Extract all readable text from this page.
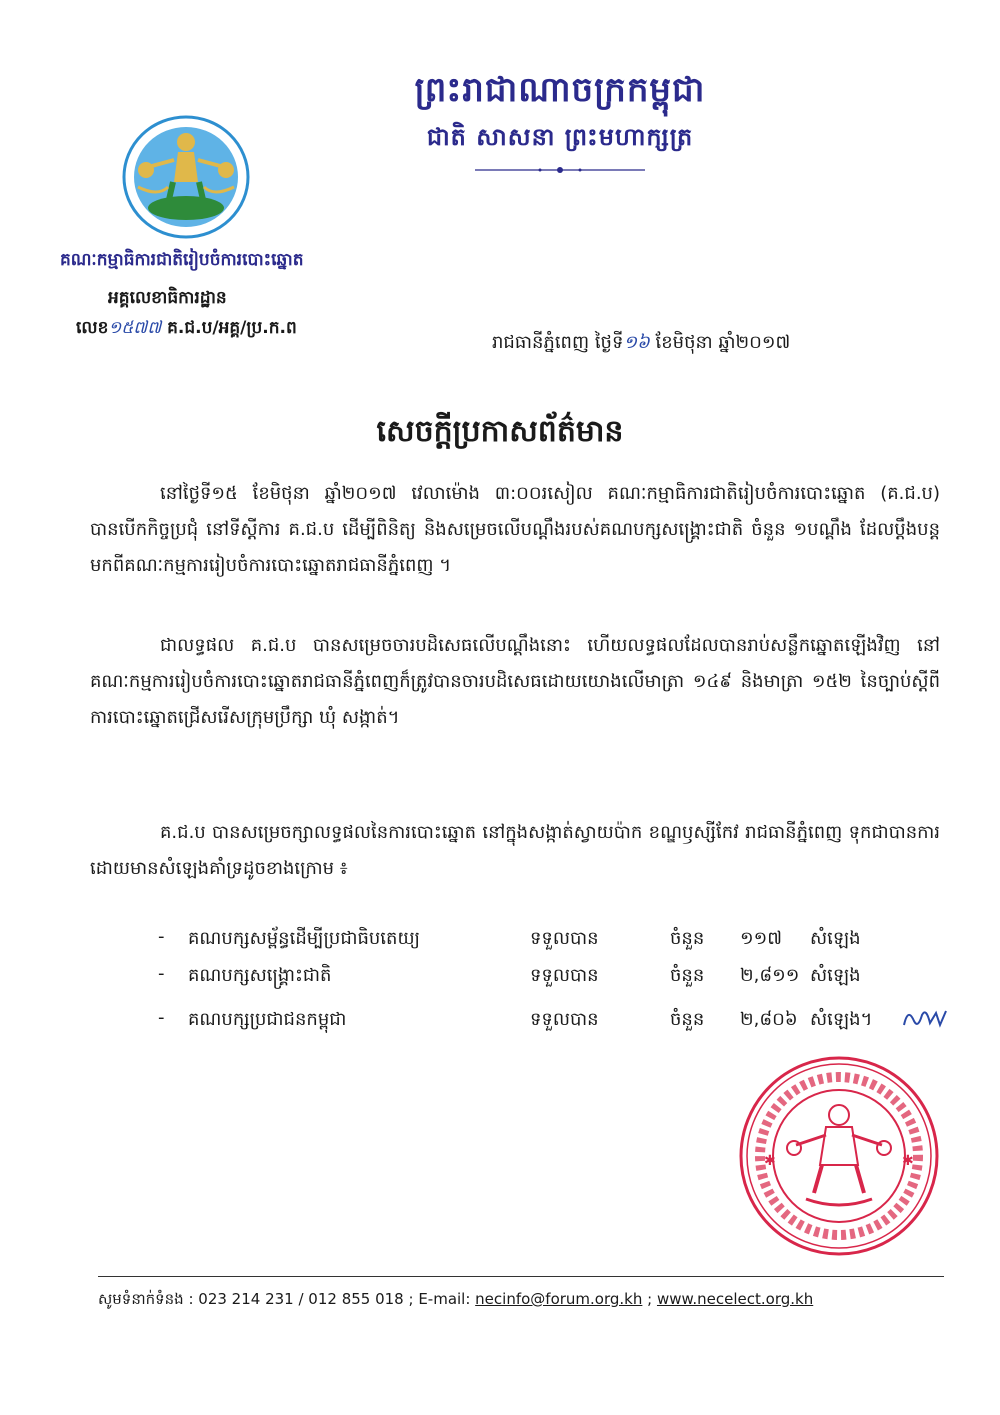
ព្រះរាជាណាចក្រកម្ពុជា
ជាតិ សាសនា ព្រះមហាក្សត្រ
គណៈកម្មាធិការជាតិរៀបចំការបោះឆ្នោត
អគ្គលេខាធិការដ្ឋាន
លេខ១៥៧៧ គ.ជ.ប/អគ្គ/ប្រ.ក.ព
រាជធានីភ្នំពេញ ថ្ងៃទី១៦ ខែមិថុនា ឆ្នាំ២០១៧
សេចក្ដីប្រកាសព័ត៌មាន
នៅថ្ងៃទី១៥ ខែមិថុនា ឆ្នាំ២០១៧ វេលាម៉ោង ៣:០០រសៀល គណៈកម្មាធិការជាតិរៀបចំការបោះឆ្នោត (គ.ជ.ប) បានបើកកិច្ចប្រជុំ នៅទីស្ដីការ គ.ជ.ប ដើម្បីពិនិត្យ និងសម្រេចលើបណ្ដឹងរបស់គណបក្សសង្គ្រោះជាតិ ចំនួន ១បណ្ដឹង ដែលប្ដឹងបន្តមកពីគណៈកម្មការរៀបចំការបោះឆ្នោតរាជធានីភ្នំពេញ ។
ជាលទ្ធផល គ.ជ.ប បានសម្រេចចារបដិសេធលើបណ្ដឹងនោះ ហើយលទ្ធផលដែលបានរាប់សន្លឹកឆ្នោតឡើងវិញ នៅគណៈកម្មការរៀបចំការបោះឆ្នោតរាជធានីភ្នំពេញក៏ត្រូវបានចារបដិសេធដោយយោងលើមាត្រា ១៤៩ និងមាត្រា ១៥២ នៃច្បាប់ស្ដីពីការបោះឆ្នោតជ្រើសរើសក្រុមប្រឹក្សា ឃុំ សង្កាត់។
គ.ជ.ប បានសម្រេចក្សាលទ្ធផលនៃការបោះឆ្នោត នៅក្នុងសង្កាត់ស្វាយប៉ាក ខណ្ឌឫស្សីកែវ រាជធានីភ្នំពេញ ទុកជាបានការ ដោយមានសំឡេងគាំទ្រដូចខាងក្រោម ៖
- គណបក្សសម្ព័ន្ធដើម្បីប្រជាធិបតេយ្យ	ទទួលបាន	ចំនួន ១១៧ សំឡេង
- គណបក្សសង្គ្រោះជាតិ	ទទួលបាន	ចំនួន ២,៨១១ សំឡេង
- គណបក្សប្រជាជនកម្ពុជា	ទទួលបាន	ចំនួន ២,៨០៦ សំឡេង។
✱	✱
សូមទំនាក់ទំនង : 023 214 231 / 012 855 018 ; E-mail: necinfo@forum.org.kh ; www.necelect.org.kh
